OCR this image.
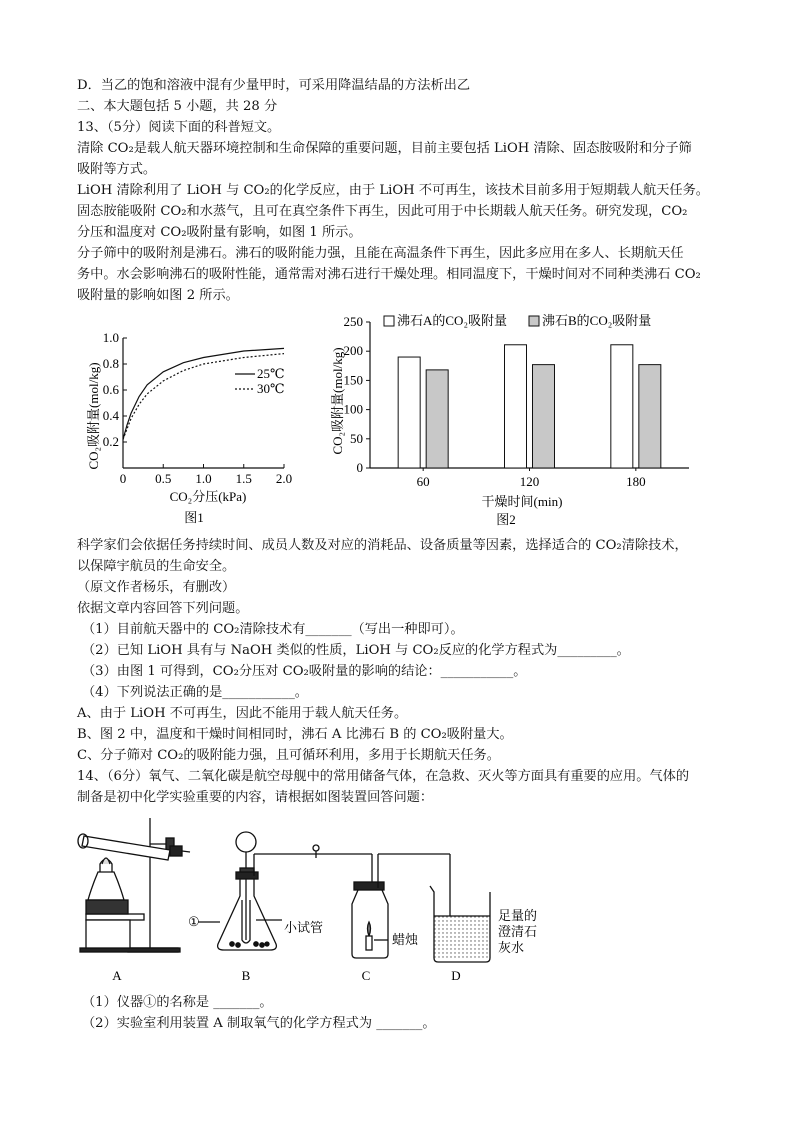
D．当乙的饱和溶液中混有少量甲时，可采用降温结晶的方法析出乙
二、本大题包括 5 小题，共 28 分
13、（5分）阅读下面的科普短文。
清除 CO₂是载人航天器环境控制和生命保障的重要问题，目前主要包括 LiOH 清除、固态胺吸附和分子筛
吸附等方式。
LiOH 清除利用了 LiOH 与 CO₂的化学反应，由于 LiOH 不可再生，该技术目前多用于短期载人航天任务。
固态胺能吸附 CO₂和水蒸气，且可在真空条件下再生，因此可用于中长期载人航天任务。研究发现，CO₂
分压和温度对 CO₂吸附量有影响，如图 1 所示。
分子筛中的吸附剂是沸石。沸石的吸附能力强，且能在高温条件下再生，因此多应用在多人、长期航天任
务中。水会影响沸石的吸附性能，通常需对沸石进行干燥处理。相同温度下，干燥时间对不同种类沸石 CO₂
吸附量的影响如图 2 所示。
0 0.5 1.0 1.5 2.0
0.2
0.4
0.6
0.8
1.0
25℃
30℃
CO₂分压(kPa)
CO₂吸附量(mol/kg)
图1
0
50
100
150
200
250
60	120	180
沸石A的CO₂吸附量	沸石B的CO₂吸附量
干燥时间(min)
CO₂吸附量(mol/kg)
图2
科学家们会依据任务持续时间、成员人数及对应的消耗品、设备质量等因素，选择适合的 CO₂清除技术，
以保障宇航员的生命安全。
（原文作者杨乐，有删改）
依据文章内容回答下列问题。
（1）目前航天器中的 CO₂清除技术有_______（写出一种即可）。
（2）已知 LiOH 具有与 NaOH 类似的性质，LiOH 与 CO₂反应的化学方程式为_________。
（3）由图 1 可得到，CO₂分压对 CO₂吸附量的影响的结论：___________。
（4）下列说法正确的是___________。
A、由于 LiOH 不可再生，因此不能用于载人航天任务。
B、图 2 中，温度和干燥时间相同时，沸石 A 比沸石 B 的 CO₂吸附量大。
C、分子筛对 CO₂的吸附能力强，且可循环利用，多用于长期航天任务。
14、（6分）氧气、二氧化碳是航空母舰中的常用储备气体，在急救、灭火等方面具有重要的应用。气体的
制备是初中化学实验重要的内容，请根据如图装置回答问题：
A	B	C	D
①	小试管
蜡烛
足量的
澄清石
灰水
（1）仪器①的名称是 _______。
（2）实验室利用装置 A 制取氧气的化学方程式为 _______。
